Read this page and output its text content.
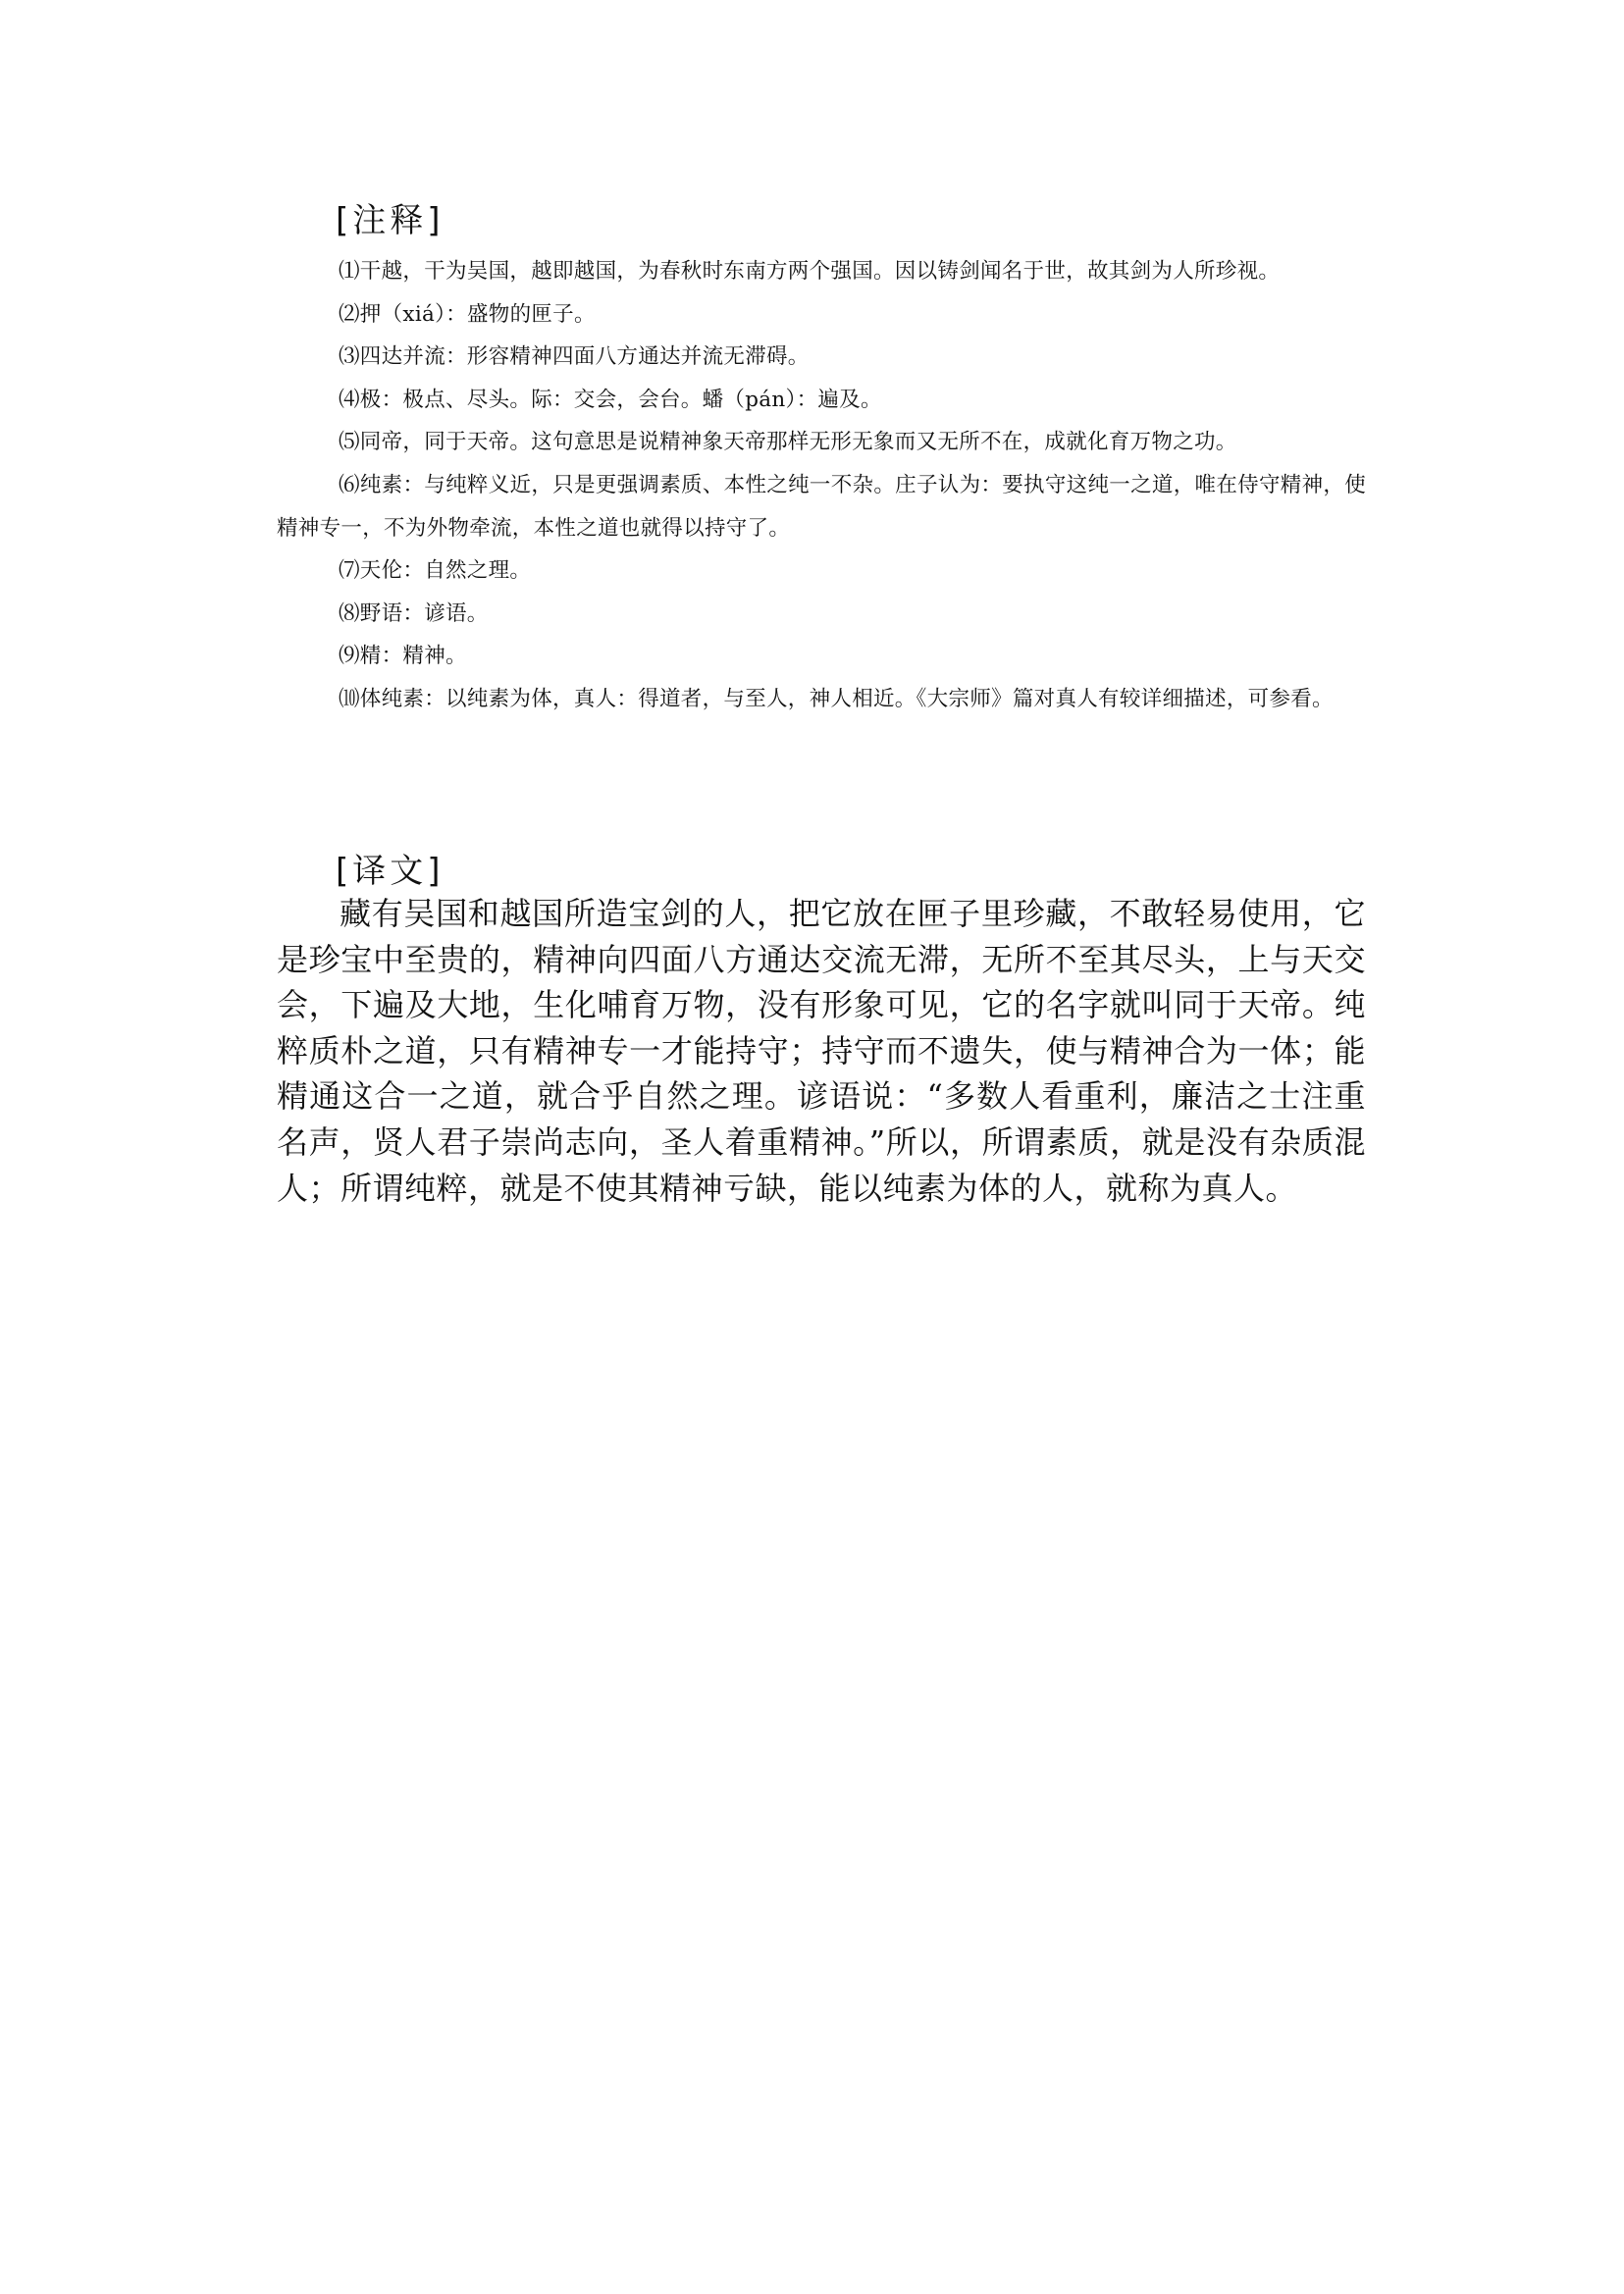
[注释]

⑴干越，干为吴国，越即越国，为春秋时东南方两个强国。因以铸剑闻名于世，故其剑为人所珍视。

⑵押（xiá）：盛物的匣子。

⑶四达并流：形容精神四面八方通达并流无滞碍。

⑷极：极点、尽头。际：交会，会台。蟠（pán）：遍及。

⑸同帝，同于天帝。这句意思是说精神象天帝那样无形无象而又无所不在，成就化育万物之功。

⑹纯素：与纯粹义近，只是更强调素质、本性之纯一不杂。庄子认为：要执守这纯一之道，唯在侍守精神，使精神专一，不为外物牵流，本性之道也就得以持守了。

⑺天伦：自然之理。

⑻野语：谚语。

⑼精：精神。

⑽体纯素：以纯素为体，真人：得道者，与至人，神人相近。《大宗师》篇对真人有较详细描述，可参看。

[译文]

藏有吴国和越国所造宝剑的人，把它放在匣子里珍藏，不敢轻易使用，它是珍宝中至贵的，精神向四面八方通达交流无滞，无所不至其尽头，上与天交会，下遍及大地，生化哺育万物，没有形象可见，它的名字就叫同于天帝。纯粹质朴之道，只有精神专一才能持守；持守而不遗失，使与精神合为一体；能精通这合一之道，就合乎自然之理。谚语说：“多数人看重利，廉洁之士注重名声，贤人君子崇尚志向，圣人着重精神。”所以，所谓素质，就是没有杂质混人；所谓纯粹，就是不使其精神亏缺，能以纯素为体的人，就称为真人。
